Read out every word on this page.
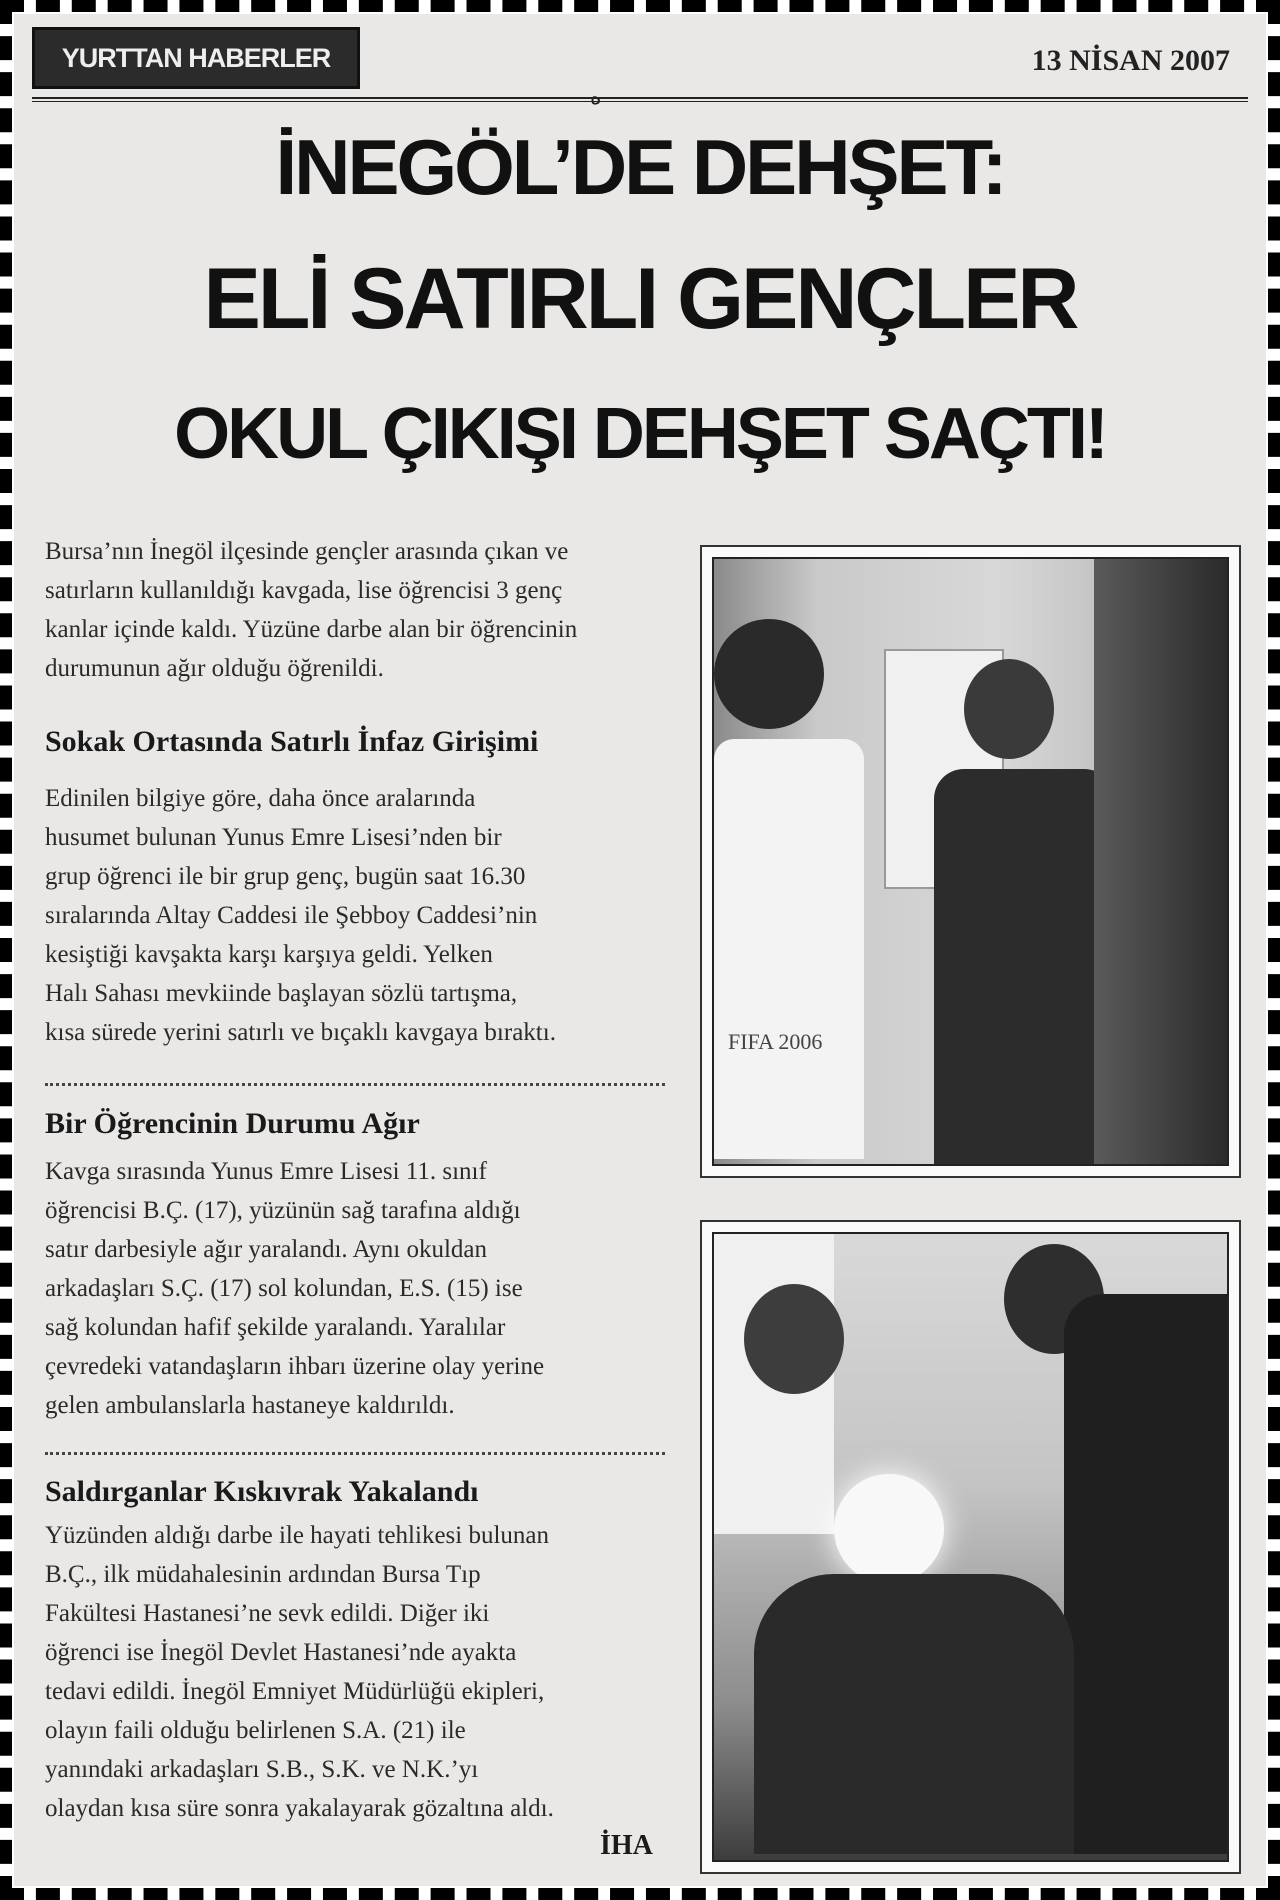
YURTTAN HABERLER	13 NİSAN 2007
ﻩ
İNEGÖL’DE DEHŞET:
ELİ SATIRLI GENÇLER
OKUL ÇIKIŞI DEHŞET SAÇTI!
Bursa’nın İnegöl ilçesinde gençler arasında çıkan ve
satırların kullanıldığı kavgada, lise öğrencisi 3 genç
kanlar içinde kaldı. Yüzüne darbe alan bir öğrencinin
durumunun ağır olduğu öğrenildi.
Sokak Ortasında Satırlı İnfaz Girişimi
Edinilen bilgiye göre, daha önce aralarında
husumet bulunan Yunus Emre Lisesi’nden bir
grup öğrenci ile bir grup genç, bugün saat 16.30
sıralarında Altay Caddesi ile Şebboy Caddesi’nin
kesiştiği kavşakta karşı karşıya geldi. Yelken
Halı Sahası mevkiinde başlayan sözlü tartışma,
kısa sürede yerini satırlı ve bıçaklı kavgaya bıraktı.
Bir Öğrencinin Durumu Ağır
Kavga sırasında Yunus Emre Lisesi 11. sınıf
öğrencisi B.Ç. (17), yüzünün sağ tarafına aldığı
satır darbesiyle ağır yaralandı. Aynı okuldan
arkadaşları S.Ç. (17) sol kolundan, E.S. (15) ise
sağ kolundan hafif şekilde yaralandı. Yaralılar
çevredeki vatandaşların ihbarı üzerine olay yerine
gelen ambulanslarla hastaneye kaldırıldı.
Saldırganlar Kıskıvrak Yakalandı
Yüzünden aldığı darbe ile hayati tehlikesi bulunan
B.Ç., ilk müdahalesinin ardından Bursa Tıp
Fakültesi Hastanesi’ne sevk edildi. Diğer iki
öğrenci ise İnegöl Devlet Hastanesi’nde ayakta
tedavi edildi. İnegöl Emniyet Müdürlüğü ekipleri,
olayın faili olduğu belirlenen S.A. (21) ile
yanındaki arkadaşları S.B., S.K. ve N.K.’yı
olaydan kısa süre sonra yakalayarak gözaltına aldı.
İHA
FIFA 2006
